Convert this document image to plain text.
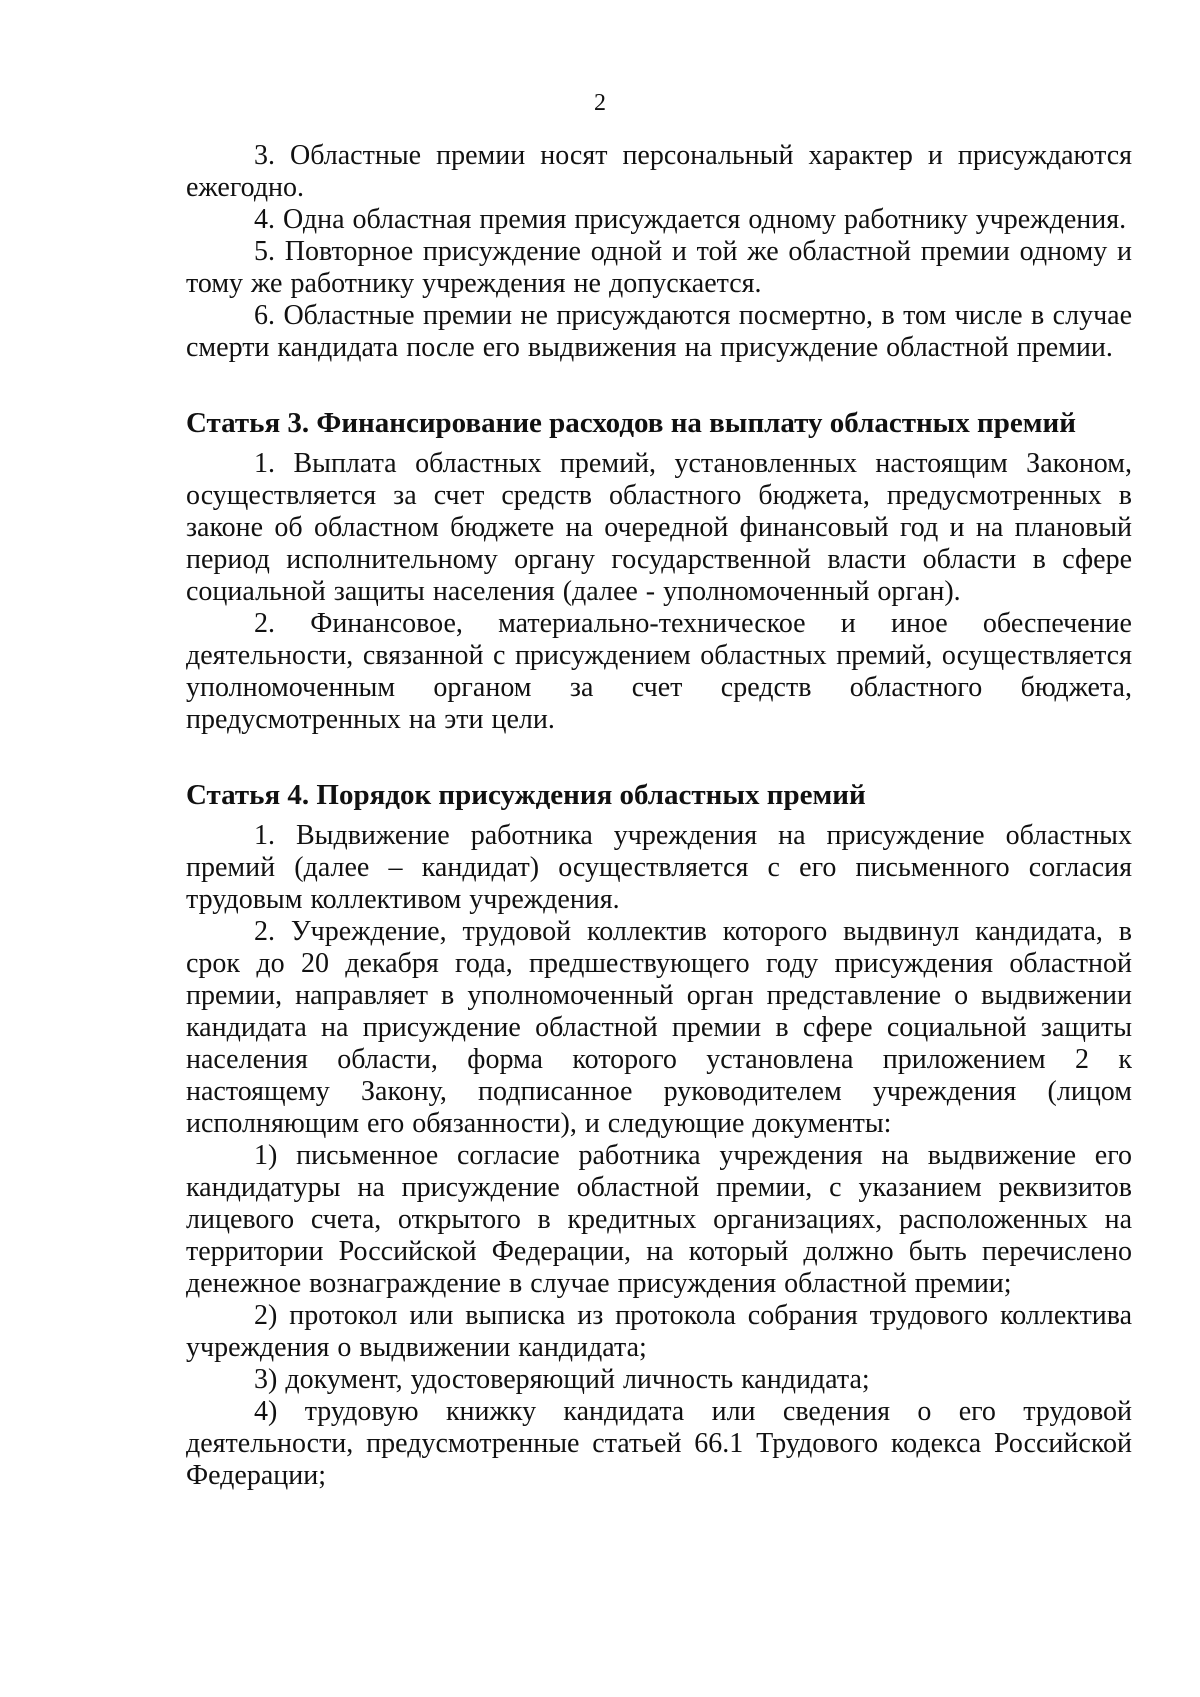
2

3. Областные премии носят персональный характер и присуждаются ежегодно.

4. Одна областная премия присуждается одному работнику учреждения.

5. Повторное присуждение одной и той же областной премии одному и тому же работнику учреждения не допускается.

6. Областные премии не присуждаются посмертно, в том числе в случае смерти кандидата после его выдвижения на присуждение областной премии.

Статья 3. Финансирование расходов на выплату областных премий

1. Выплата областных премий, установленных настоящим Законом, осуществляется за счет средств областного бюджета, предусмотренных в законе об областном бюджете на очередной финансовый год и на плановый период исполнительному органу государственной власти области в сфере социальной защиты населения (далее - уполномоченный орган).

2. Финансовое, материально-техническое и иное обеспечение деятельности, связанной с присуждением областных премий, осуществляется уполномоченным органом за счет средств областного бюджета, предусмотренных на эти цели.

Статья 4. Порядок присуждения областных премий

1. Выдвижение работника учреждения на присуждение областных премий (далее – кандидат) осуществляется с его письменного согласия трудовым коллективом учреждения.

2. Учреждение, трудовой коллектив которого выдвинул кандидата, в срок до 20 декабря года, предшествующего году присуждения областной премии, направляет в уполномоченный орган представление о выдвижении кандидата на присуждение областной премии в сфере социальной защиты населения области, форма которого установлена приложением 2 к настоящему Закону, подписанное руководителем учреждения (лицом исполняющим его обязанности), и следующие документы:

1) письменное согласие работника учреждения на выдвижение его кандидатуры на присуждение областной премии, с указанием реквизитов лицевого счета, открытого в кредитных организациях, расположенных на территории Российской Федерации, на который должно быть перечислено денежное вознаграждение в случае присуждения областной премии;

2) протокол или выписка из протокола собрания трудового коллектива учреждения о выдвижении кандидата;

3) документ, удостоверяющий личность кандидата;

4) трудовую книжку кандидата или сведения о его трудовой деятельности, предусмотренные статьей 66.1 Трудового кодекса Российской Федерации;
